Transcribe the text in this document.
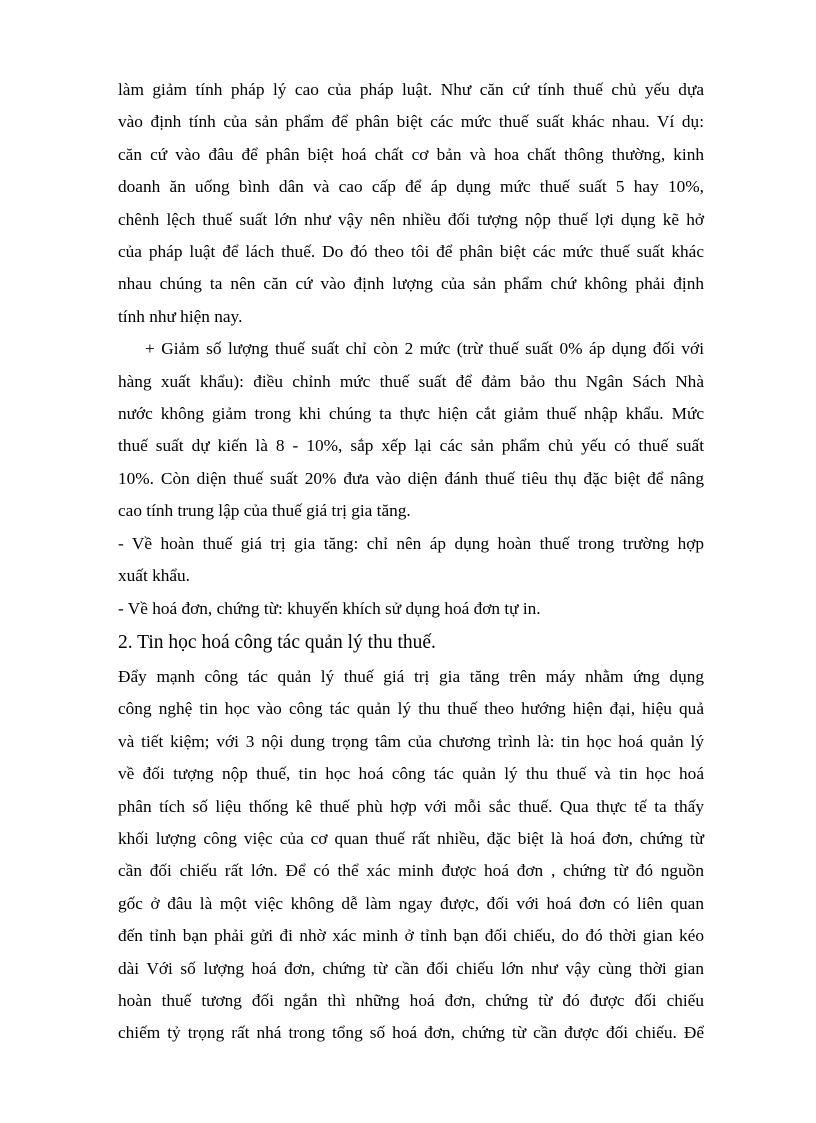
làm giảm tính pháp lý cao của pháp luật. Như căn cứ tính thuế chủ yếu dựa
vào định tính của sản phẩm để phân biệt các mức thuế suất khác nhau. Ví dụ:
căn cứ vào đâu để phân biệt hoá chất cơ bản và hoa chất thông thường, kinh
doanh ăn uống bình dân và cao cấp để áp dụng mức thuế suất 5 hay 10%,
chênh lệch thuế suất lớn như vậy nên nhiều đối tượng nộp thuế lợi dụng kẽ hở
của pháp luật để lách thuế. Do đó theo tôi để phân biệt các mức thuế suất khác
nhau chúng ta nên căn cứ vào định lượng của sản phẩm chứ không phải định
tính như hiện nay.
+ Giảm số lượng thuế suất chỉ còn 2 mức (trừ thuế suất 0% áp dụng đối với
hàng xuất khẩu): điều chỉnh mức thuế suất để đảm bảo thu Ngân Sách Nhà
nước không giảm trong khi chúng ta thực hiện cắt giảm thuế nhập khẩu. Mức
thuế suất dự kiến là 8 - 10%, sắp xếp lại các sản phẩm chủ yếu có thuế suất
10%. Còn diện thuế suất 20% đưa vào diện đánh thuế tiêu thụ đặc biệt để nâng
cao tính trung lập của thuế giá trị gia tăng.
- Về hoàn thuế giá trị gia tăng: chỉ nên áp dụng hoàn thuế trong trường hợp
xuất khẩu.
- Về hoá đơn, chứng từ: khuyến khích sử dụng hoá đơn tự in.
2. Tin học hoá công tác quản lý thu thuế.
Đẩy mạnh công tác quản lý thuế giá trị gia tăng trên máy nhằm ứng dụng
công nghệ tin học vào công tác quản lý thu thuế theo hướng hiện đại, hiệu quả
và tiết kiệm; với 3 nội dung trọng tâm của chương trình là: tin học hoá quản lý
về đối tượng nộp thuế, tin học hoá công tác quản lý thu thuế và tin học hoá
phân tích số liệu thống kê thuế phù hợp với mỗi sắc thuế. Qua thực tế ta thấy
khối lượng công việc của cơ quan thuế rất nhiều, đặc biệt là hoá đơn, chứng từ
cần đối chiếu rất lớn. Để có thể xác minh được hoá đơn , chứng từ đó nguồn
gốc ở đâu là một việc không dễ làm ngay được, đối với hoá đơn có liên quan
đến tỉnh bạn phải gửi đi nhờ xác minh ở tỉnh bạn đối chiếu, do đó thời gian kéo
dài Với số lượng hoá đơn, chứng từ cần đối chiếu lớn như vậy cùng thời gian
hoàn thuế tương đối ngắn thì những hoá đơn, chứng từ đó được đối chiếu
chiếm tỷ trọng rất nhá trong tổng số hoá đơn, chứng từ cần được đối chiếu. Để
